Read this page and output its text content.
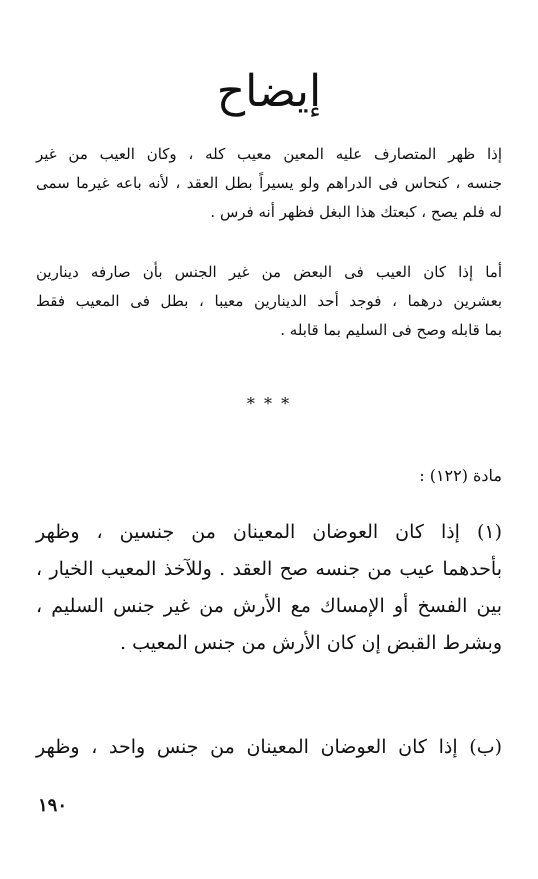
إيضاح
إذا ظهر المتصارف عليه المعين معيب كله ، وكان العيب من غير
جنسه ، كنحاس فى الدراهم ولو يسيراً بطل العقد ، لأنه باعه غيرما سمى
له فلم يصح ، كبعتك هذا البغل فظهر أنه فرس .
أما إذا كان العيب فى البعض من غير الجنس بأن صارفه دينارين
بعشرين درهما ، فوجد أحد الدينارين معيبا ، بطل فى المعيب فقط
بما قابله وصح فى السليم بما قابله .
* * *
مادة (١٢٢) :
(١) إذا كان العوضان المعينان من جنسين ، وظهر
بأحدهما عيب من جنسه صح العقد . وللآخذ المعيب الخيار ،
بين الفسخ أو الإمساك مع الأرش من غير جنس السليم ،
وبشرط القبض إن كان الأرش من جنس المعيب .
(ب) إذا كان العوضان المعينان من جنس واحد ، وظهر
١٩٠
